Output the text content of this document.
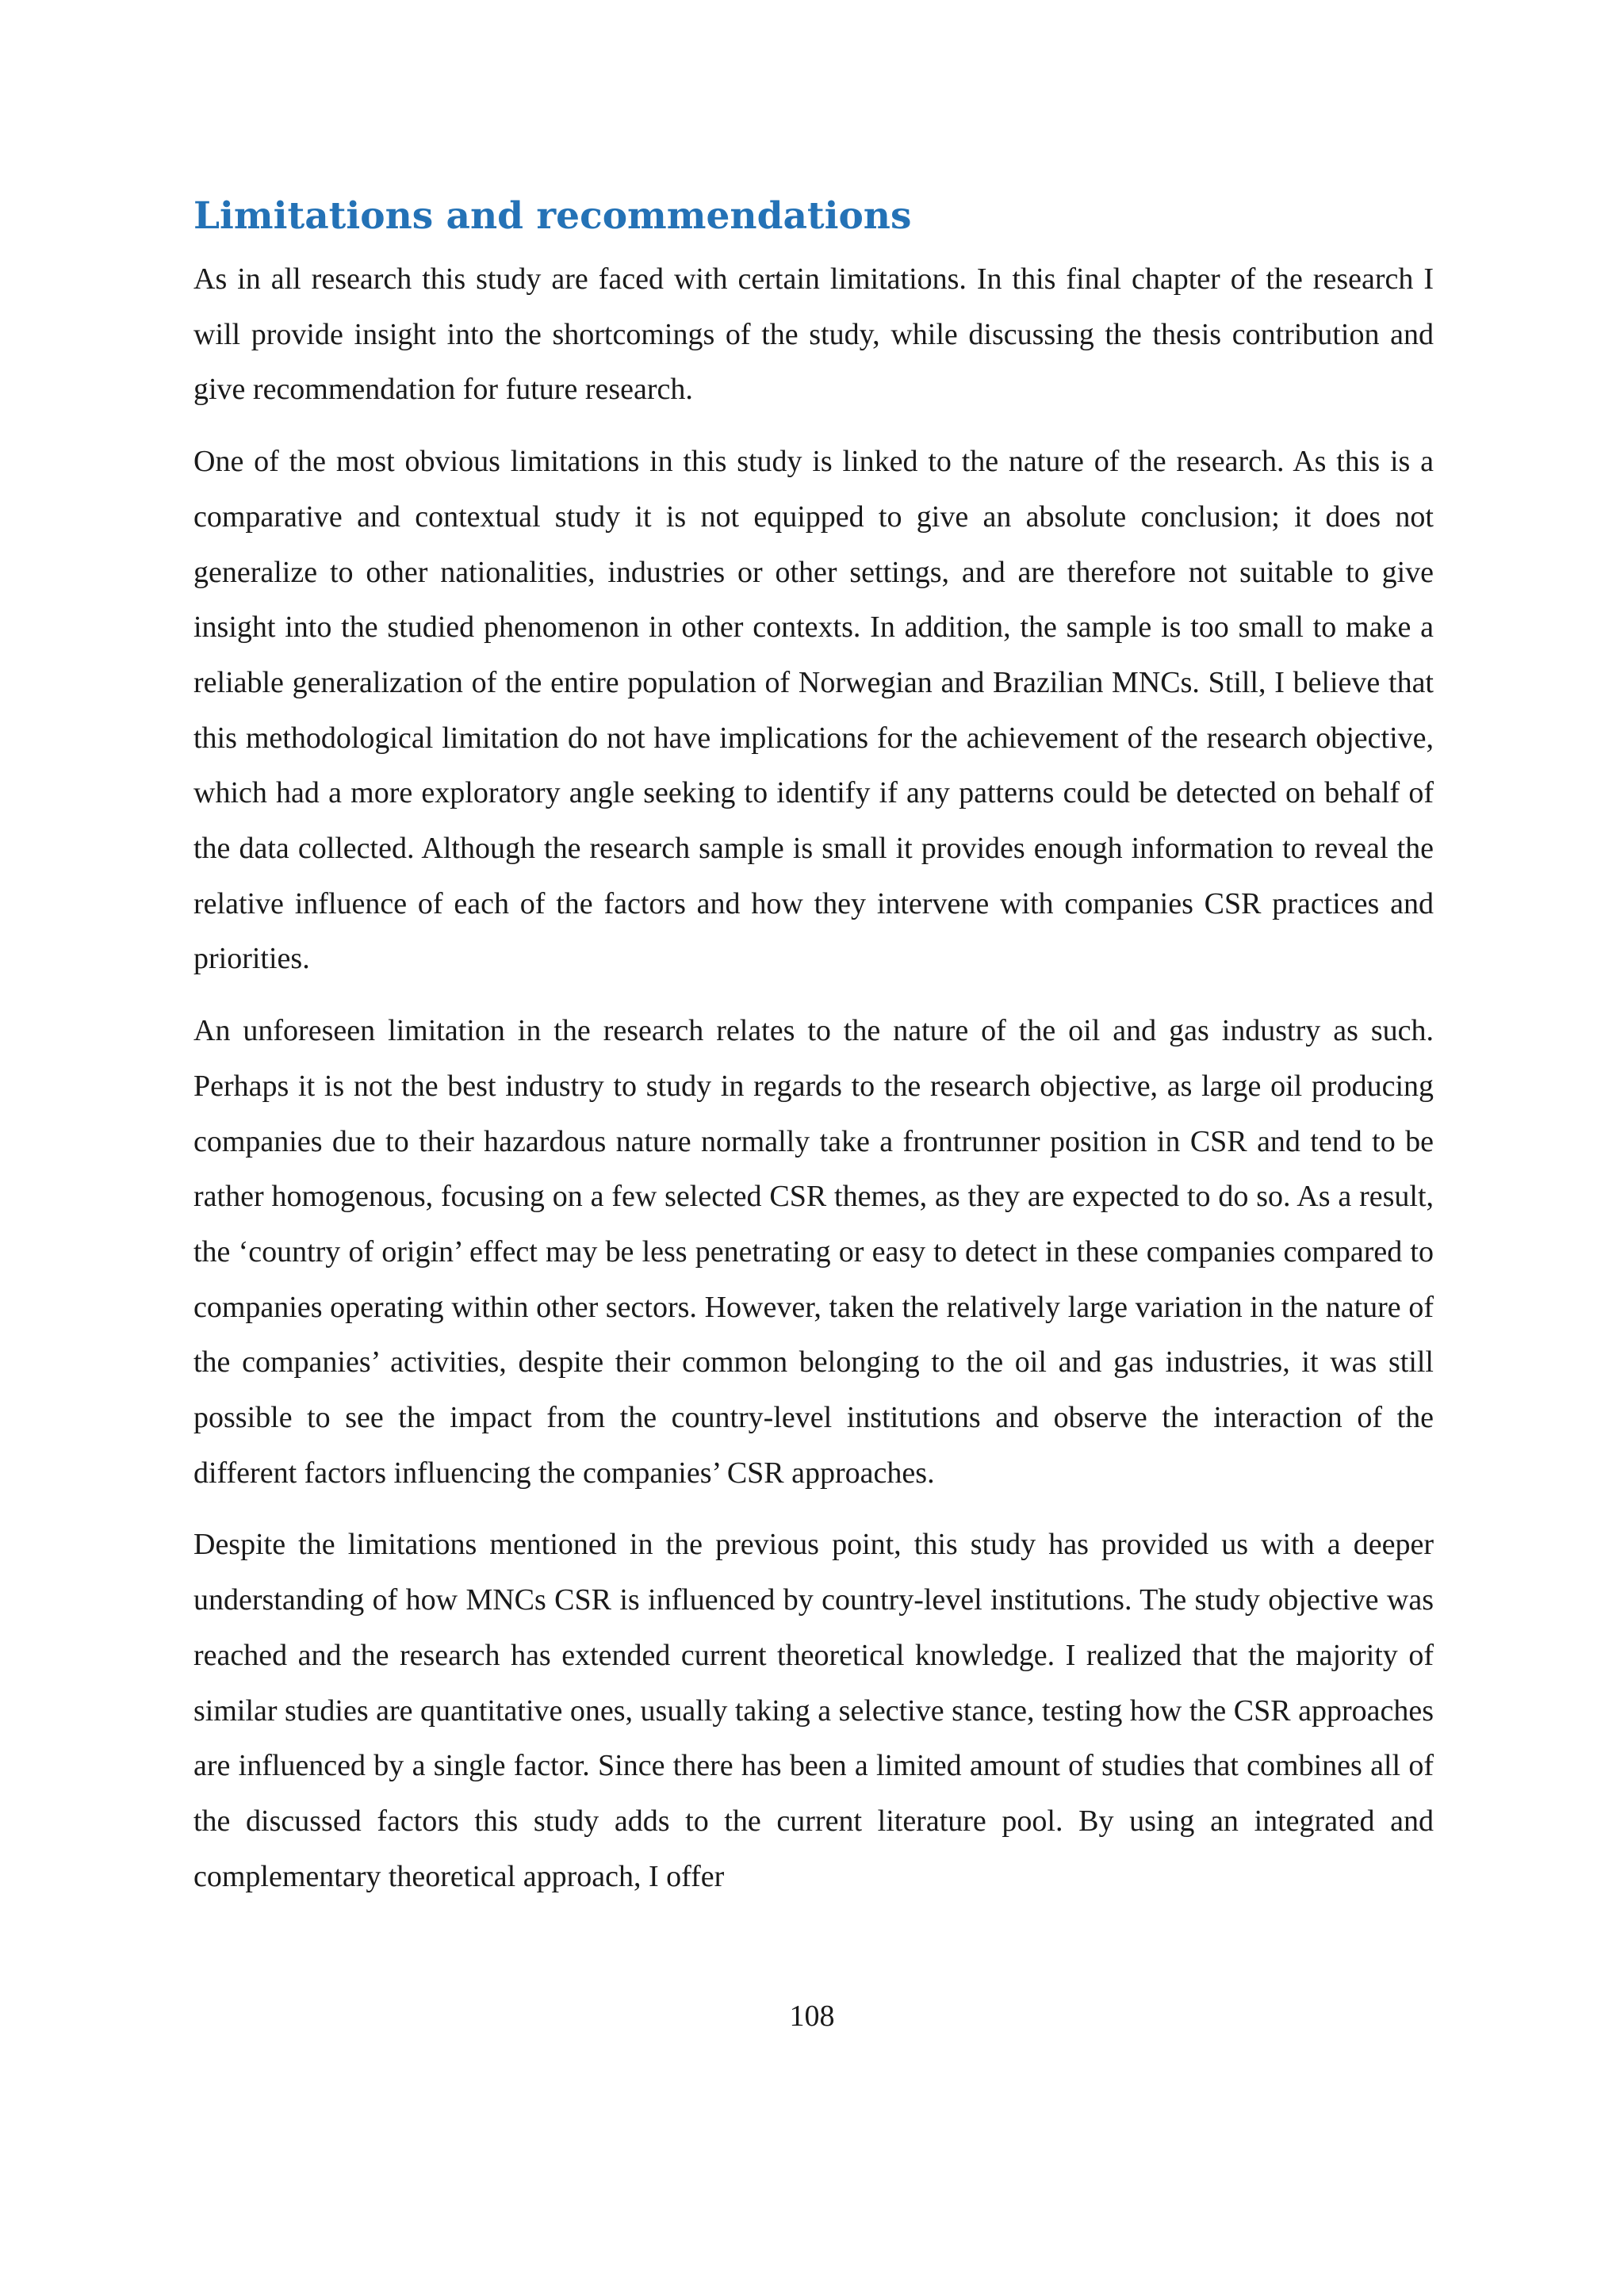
Limitations and recommendations

As in all research this study are faced with certain limitations. In this final chapter of the research I will provide insight into the shortcomings of the study, while discussing the thesis contribution and give recommendation for future research.

One of the most obvious limitations in this study is linked to the nature of the research. As this is a comparative and contextual study it is not equipped to give an absolute conclusion; it does not generalize to other nationalities, industries or other settings, and are therefore not suitable to give insight into the studied phenomenon in other contexts. In addition, the sample is too small to make a reliable generalization of the entire population of Norwegian and Brazilian MNCs. Still, I believe that this methodological limitation do not have implications for the achievement of the research objective, which had a more exploratory angle seeking to identify if any patterns could be detected on behalf of the data collected. Although the research sample is small it provides enough information to reveal the relative influence of each of the factors and how they intervene with companies CSR practices and priorities.

An unforeseen limitation in the research relates to the nature of the oil and gas industry as such. Perhaps it is not the best industry to study in regards to the research objective, as large oil producing companies due to their hazardous nature normally take a frontrunner position in CSR and tend to be rather homogenous, focusing on a few selected CSR themes, as they are expected to do so. As a result, the ‘country of origin’ effect may be less penetrating or easy to detect in these companies compared to companies operating within other sectors. However, taken the relatively large variation in the nature of the companies’ activities, despite their common belonging to the oil and gas industries, it was still possible to see the impact from the country-level institutions and observe the interaction of the different factors influencing the companies’ CSR approaches.

Despite the limitations mentioned in the previous point, this study has provided us with a deeper understanding of how MNCs CSR is influenced by country-level institutions. The study objective was reached and the research has extended current theoretical knowledge. I realized that the majority of similar studies are quantitative ones, usually taking a selective stance, testing how the CSR approaches are influenced by a single factor. Since there has been a limited amount of studies that combines all of the discussed factors this study adds to the current literature pool. By using an integrated and complementary theoretical approach, I offer

108
